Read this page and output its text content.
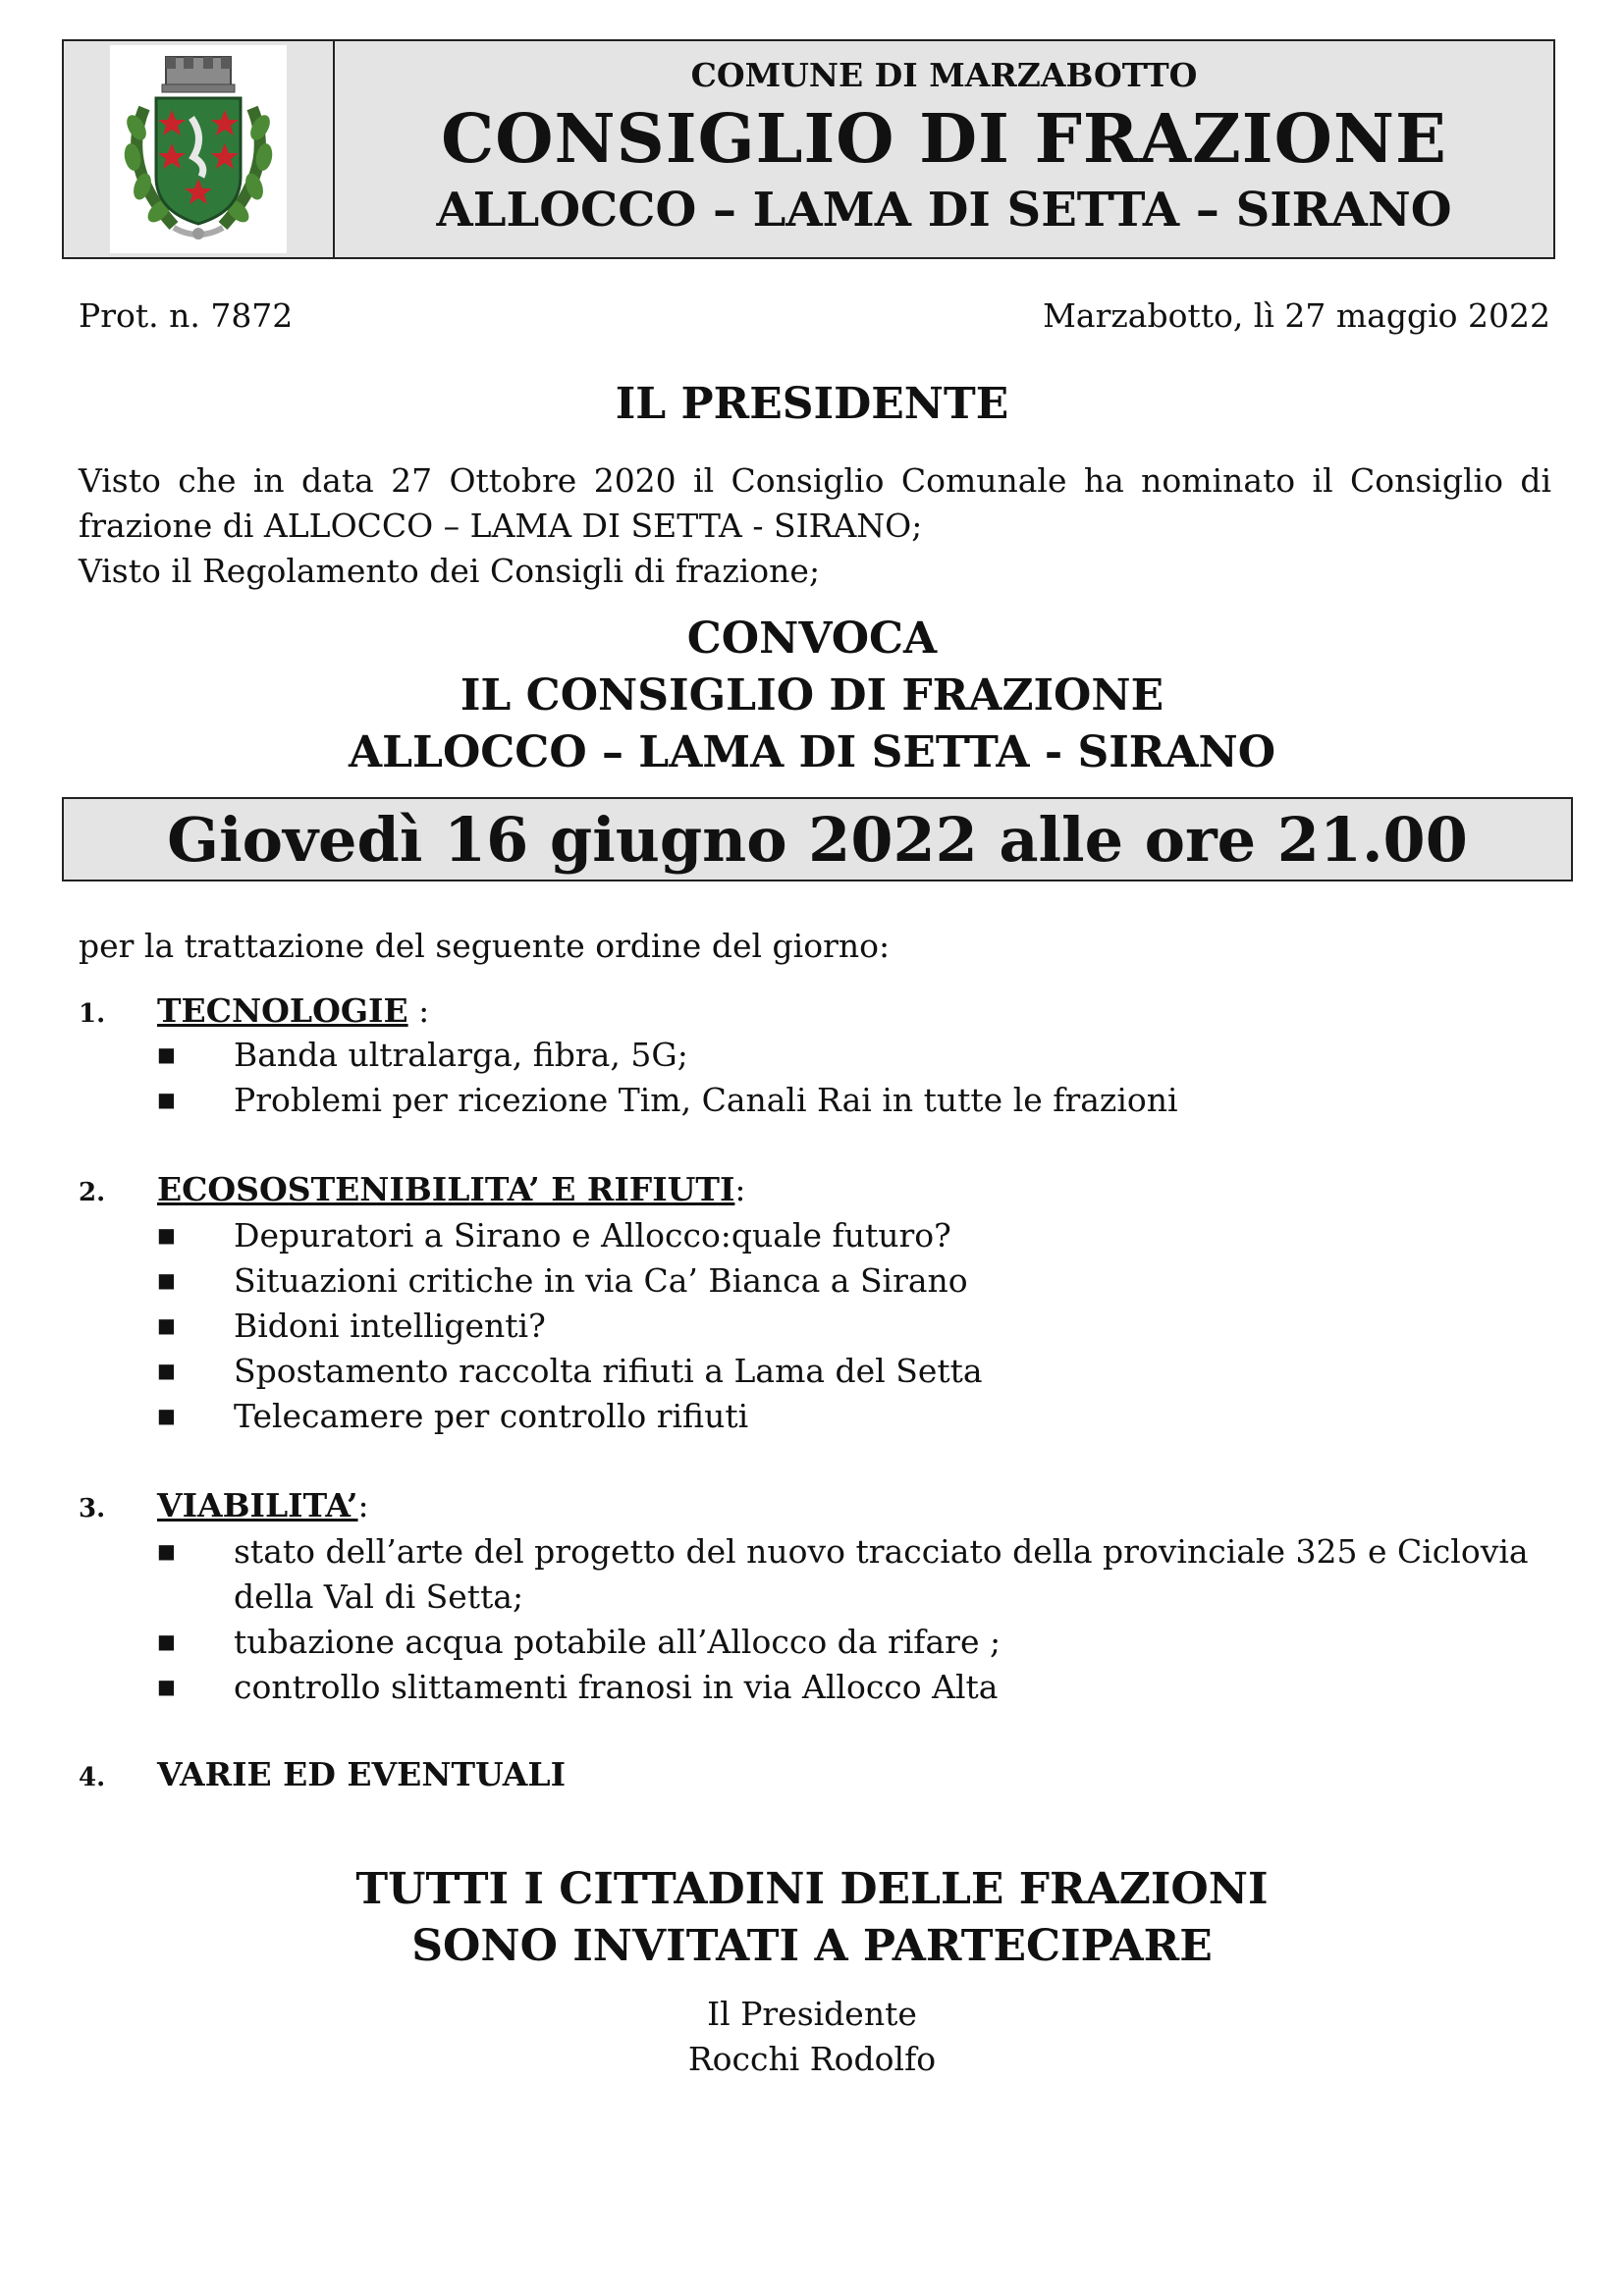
COMUNE DI MARZABOTTO
CONSIGLIO DI FRAZIONE
ALLOCCO – LAMA DI SETTA – SIRANO
Prot. n. 7872	Marzabotto, lì 27 maggio 2022
IL PRESIDENTE
Visto che in data 27 Ottobre 2020 il Consiglio Comunale ha nominato il Consiglio di
frazione di ALLOCCO – LAMA DI SETTA - SIRANO;
Visto il Regolamento dei Consigli di frazione;
CONVOCA
IL CONSIGLIO DI FRAZIONE
ALLOCCO – LAMA DI SETTA - SIRANO
Giovedì 16 giugno 2022 alle ore 21.00
per la trattazione del seguente ordine del giorno:
1. TECNOLOGIE :
■ Banda ultralarga, fibra, 5G;
■ Problemi per ricezione Tim, Canali Rai in tutte le frazioni
2. ECOSOSTENIBILITA’ E RIFIUTI:
■ Depuratori a Sirano e Allocco:quale futuro?
■ Situazioni critiche in via Ca’ Bianca a Sirano
■ Bidoni intelligenti?
■ Spostamento raccolta rifiuti a Lama del Setta
■ Telecamere per controllo rifiuti
3. VIABILITA’:
■ stato dell’arte del progetto del nuovo tracciato della provinciale 325 e Ciclovia
della Val di Setta;
■ tubazione acqua potabile all’Allocco da rifare ;
■ controllo slittamenti franosi in via Allocco Alta
4. VARIE ED EVENTUALI
TUTTI I CITTADINI DELLE FRAZIONI
SONO INVITATI A PARTECIPARE
Il Presidente
Rocchi Rodolfo
